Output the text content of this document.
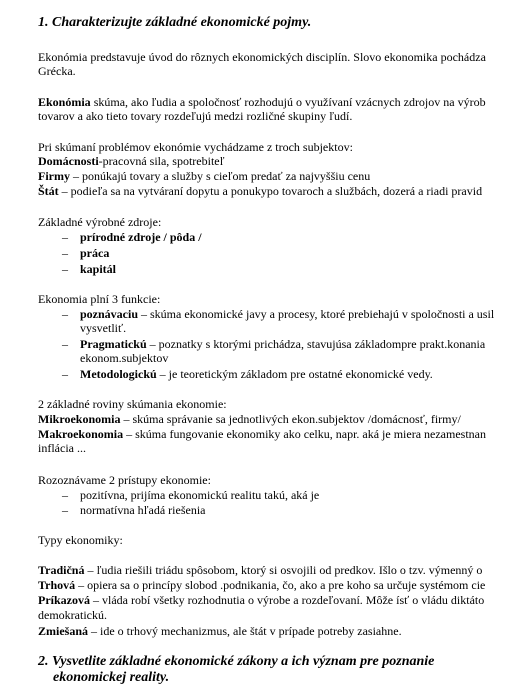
1. Charakterizujte základné ekonomické pojmy.
Ekonómia predstavuje úvod do rôznych ekonomických disciplín. Slovo ekonomika pochádza
Grécka.
Ekonómia skúma, ako ľudia a spoločnosť rozhodujú o využívaní vzácnych zdrojov na výrob
tovarov a ako tieto tovary rozdeľujú medzi rozličné skupiny ľudí.
Pri skúmaní problémov ekonómie vychádzame z troch subjektov:
Domácnosti-pracovná sila, spotrebiteľ
Firmy – ponúkajú tovary a služby s cieľom predať za najvyššiu cenu
Štát – podieľa sa na vytváraní dopytu a ponukypo tovaroch a službách, dozerá a riadi pravid
Základné výrobné zdroje:
– prírodné zdroje / pôda /
– práca
– kapitál
Ekonomia plní 3 funkcie:
– poznávaciu – skúma ekonomické javy a procesy, ktoré prebiehajú v spoločnosti a usil
vysvetliť.
– Pragmatickú – poznatky s ktorými prichádza, stavujúsa základompre prakt.konania
ekonom.subjektov
– Metodologickú – je teoretickým základom pre ostatné ekonomické vedy.
2 základné roviny skúmania ekonomie:
Mikroekonomia – skúma správanie sa jednotlivých ekon.subjektov /domácnosť, firmy/
Makroekonomia – skúma fungovanie ekonomiky ako celku, napr. aká je miera nezamestnan
inflácia ...
Rozoznávame 2 prístupy ekonomie:
– pozitívna, prijíma ekonomickú realitu takú, aká je
– normatívna hľadá riešenia
Typy ekonomiky:
Tradičná – ľudia riešili triádu spôsobom, ktorý si osvojili od predkov. Išlo o tzv. výmenný o
Trhová – opiera sa o princípy slobod .podnikania, čo, ako a pre koho sa určuje systémom cie
Príkazová – vláda robí všetky rozhodnutia o výrobe a rozdeľovaní. Môže ísť o vládu diktáto
demokratickú.
Zmiešaná – ide o trhový mechanizmus, ale štát v prípade potreby zasiahne.
2. Vysvetlite základné ekonomické zákony a ich význam pre poznanie
ekonomickej reality.
